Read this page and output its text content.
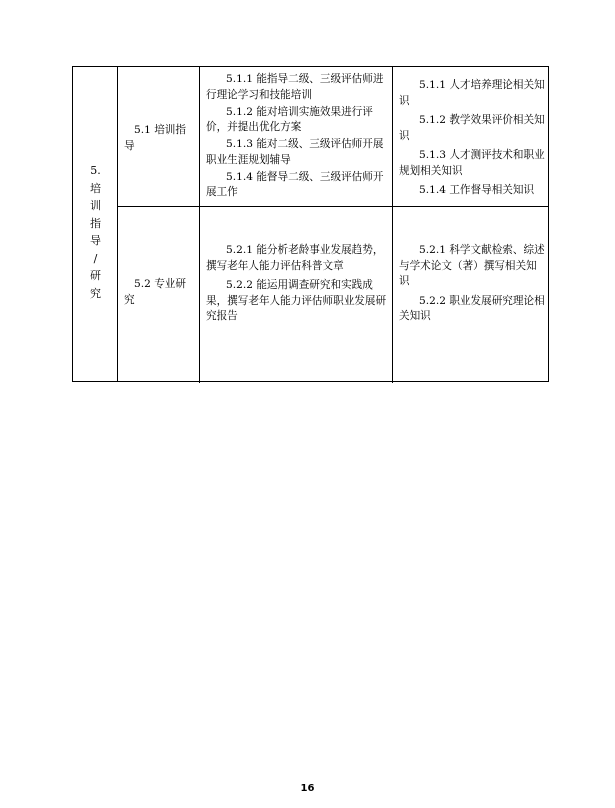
5.
培
训
指
导
/
研
究
5.1 培训指导

5.1.1 能指导二级、三级评估师进行理论学习和技能培训

5.1.2 能对培训实施效果进行评价，并提出优化方案

5.1.3 能对二级、三级评估师开展职业生涯规划辅导

5.1.4 能督导二级、三级评估师开展工作

5.1.1 人才培养理论相关知识

5.1.2 教学效果评价相关知识

5.1.3 人才测评技术和职业规划相关知识

5.1.4 工作督导相关知识

5.2 专业研究

5.2.1 能分析老龄事业发展趋势，撰写老年人能力评估科普文章

5.2.2 能运用调查研究和实践成果，撰写老年人能力评估师职业发展研究报告

5.2.1 科学文献检索、综述与学术论文（著）撰写相关知识

5.2.2 职业发展研究理论相关知识

16
